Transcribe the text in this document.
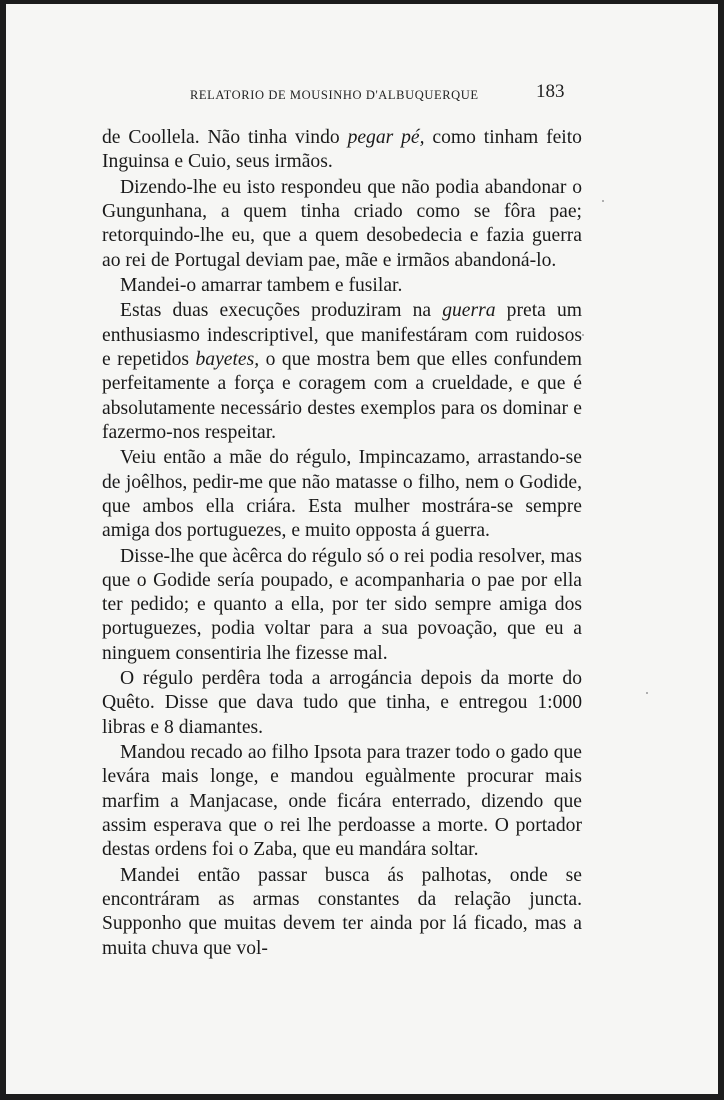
RELATORIO DE MOUSINHO D'ALBUQUERQUE	183

de Coollela. Não tinha vindo pegar pé, como tinham feito Inguinsa e Cuio, seus irmãos.

Dizendo-lhe eu isto respondeu que não podia abandonar o Gungunhana, a quem tinha criado como se fôra pae; retorquindo-lhe eu, que a quem desobedecia e fazia guerra ao rei de Portugal deviam pae, mãe e irmãos abandoná-lo.

Mandei-o amarrar tambem e fusilar.

Estas duas execuções produziram na guerra preta um enthusiasmo indescriptivel, que manifestáram com ruidosos e repetidos bayetes, o que mostra bem que elles confundem perfeitamente a força e coragem com a crueldade, e que é absolutamente necessário destes exemplos para os dominar e fazermo-nos respeitar.

Veiu então a mãe do régulo, Impincazamo, arrastando-se de joêlhos, pedir-me que não matasse o filho, nem o Godide, que ambos ella criára. Esta mulher mostrára-se sempre amiga dos portuguezes, e muito opposta á guerra.

Disse-lhe que àcêrca do régulo só o rei podia resolver, mas que o Godide sería poupado, e acompanharia o pae por ella ter pedido; e quanto a ella, por ter sido sempre amiga dos portuguezes, podia voltar para a sua povoação, que eu a ninguem consentiria lhe fizesse mal.

O régulo perdêra toda a arrogáncia depois da morte do Quêto. Disse que dava tudo que tinha, e entregou 1:000 libras e 8 diamantes.

Mandou recado ao filho Ipsota para trazer todo o gado que levára mais longe, e mandou eguàlmente procurar mais marfim a Manjacase, onde ficára enterrado, dizendo que assim esperava que o rei lhe perdoasse a morte. O portador destas ordens foi o Zaba, que eu mandára soltar.

Mandei então passar busca ás palhotas, onde se encontráram as armas constantes da relação juncta. Supponho que muitas devem ter ainda por lá ficado, mas a muita chuva que vol-
